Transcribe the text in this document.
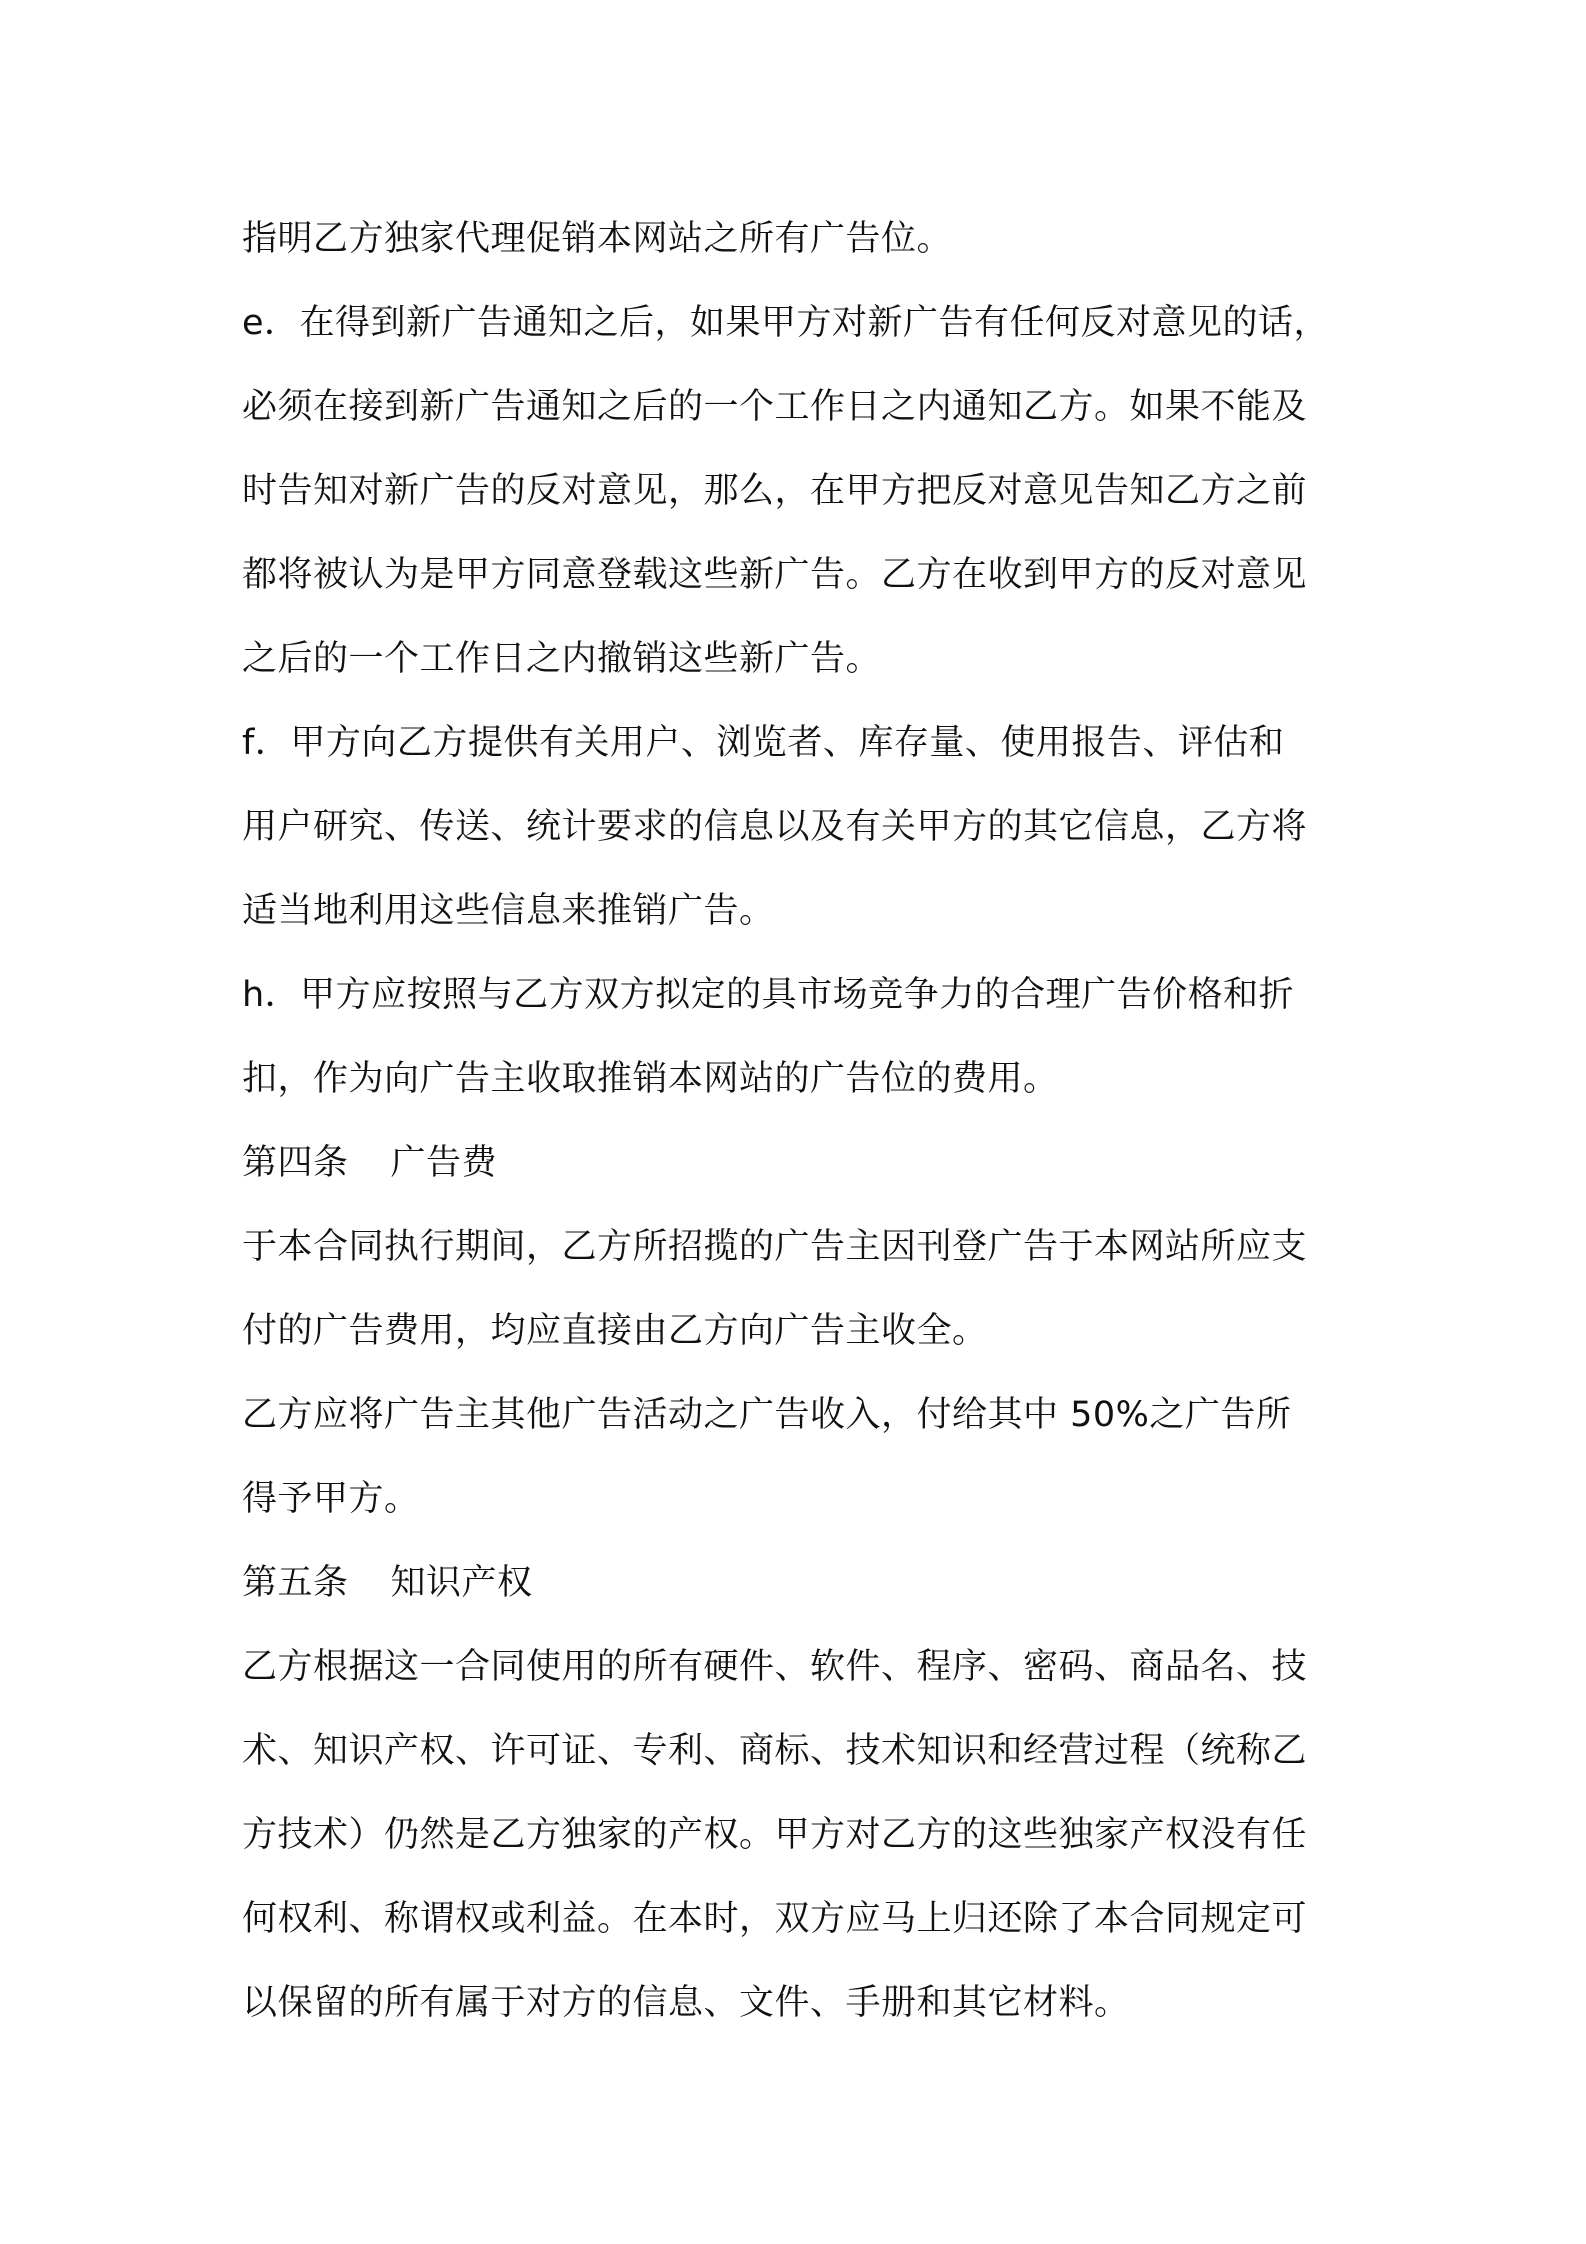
指明乙方独家代理促销本网站之所有广告位。
e．在得到新广告通知之后，如果甲方对新广告有任何反对意见的话，
必须在接到新广告通知之后的一个工作日之内通知乙方。如果不能及
时告知对新广告的反对意见，那么，在甲方把反对意见告知乙方之前
都将被认为是甲方同意登载这些新广告。乙方在收到甲方的反对意见
之后的一个工作日之内撤销这些新广告。
f．甲方向乙方提供有关用户、浏览者、库存量、使用报告、评估和
用户研究、传送、统计要求的信息以及有关甲方的其它信息，乙方将
适当地利用这些信息来推销广告。
h．甲方应按照与乙方双方拟定的具市场竞争力的合理广告价格和折
扣，作为向广告主收取推销本网站的广告位的费用。
第四条 广告费
于本合同执行期间，乙方所招揽的广告主因刊登广告于本网站所应支
付的广告费用，均应直接由乙方向广告主收全。
乙方应将广告主其他广告活动之广告收入，付给其中 50%之广告所
得予甲方。
第五条 知识产权
乙方根据这一合同使用的所有硬件、软件、程序、密码、商品名、技
术、知识产权、许可证、专利、商标、技术知识和经营过程（统称乙
方技术）仍然是乙方独家的产权。甲方对乙方的这些独家产权没有任
何权利、称谓权或利益。在本时，双方应马上归还除了本合同规定可
以保留的所有属于对方的信息、文件、手册和其它材料。
